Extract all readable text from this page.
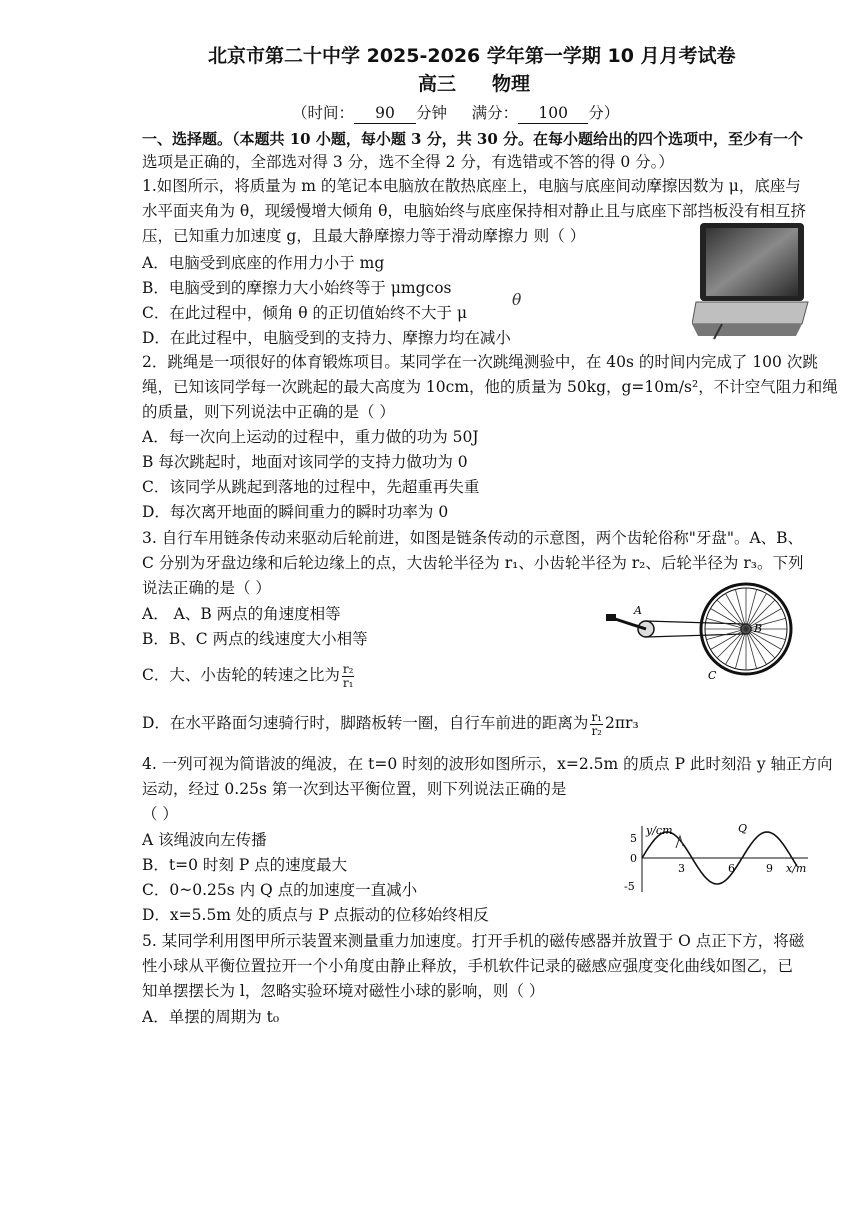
北京市第二十中学 2025-2026 学年第一学期 10 月月考试卷
高三 物理
（时间： 90 分钟 满分： 100 分）
一、选择题。（本题共 10 小题，每小题 3 分，共 30 分。在每小题给出的四个选项中，至少有一个
选项是正确的，全部选对得 3 分，选不全得 2 分，有选错或不答的得 0 分。）
1.如图所示，将质量为 m 的笔记本电脑放在散热底座上，电脑与底座间动摩擦因数为 μ，底座与
水平面夹角为 θ，现缓慢增大倾角 θ，电脑始终与底座保持相对静止且与底座下部挡板没有相互挤
压，已知重力加速度 g，且最大静摩擦力等于滑动摩擦力 则（ ）
A．电脑受到底座的作用力小于 mg
B．电脑受到的摩擦力大小始终等于 μmgcos
C．在此过程中，倾角 θ 的正切值始终不大于 μ
θ
D．在此过程中，电脑受到的支持力、摩擦力均在减小
2．跳绳是一项很好的体育锻炼项目。某同学在一次跳绳测验中，在 40s 的时间内完成了 100 次跳
绳，已知该同学每一次跳起的最大高度为 10cm，他的质量为 50kg，g=10m/s²，不计空气阻力和绳
的质量，则下列说法中正确的是（ ）
A．每一次向上运动的过程中，重力做的功为 50J
B 每次跳起时，地面对该同学的支持力做功为 0
C．该同学从跳起到落地的过程中，先超重再失重
D．每次离开地面的瞬间重力的瞬时功率为 0
3. 自行车用链条传动来驱动后轮前进，如图是链条传动的示意图，两个齿轮俗称"牙盘"。A、B、
C 分别为牙盘边缘和后轮边缘上的点，大齿轮半径为 r₁、小齿轮半径为 r₂、后轮半径为 r₃。下列
说法正确的是（ ）
A． A、B 两点的角速度相等
B．B、C 两点的线速度大小相等
C．大、小齿轮的转速之比为 $\frac{\text{r₂}}{\text{r₁}}$
D．在水平路面匀速骑行时，脚踏板转一圈，自行车前进的距离为 $\frac{\text{r₁}}{\text{r₂}} 2\pi r_3$
A
B
C
4. 一列可视为简谐波的绳波，在 t=0 时刻的波形如图所示，x=2.5m 的质点 P 此时刻沿 y 轴正方向
运动，经过 0.25s 第一次到达平衡位置，则下列说法正确的是
（ ）
A 该绳波向左传播
B．t=0 时刻 P 点的速度最大
C．0~0.25s 内 Q 点的加速度一直减小
D．x=5.5m 处的质点与 P 点振动的位移始终相反
y/cm
x/m
Q
5
0
-5
3	6	9
5. 某同学利用图甲所示装置来测量重力加速度。打开手机的磁传感器并放置于 O 点正下方，将磁
性小球从平衡位置拉开一个小角度由静止释放，手机软件记录的磁感应强度变化曲线如图乙，已
知单摆摆长为 l，忽略实验环境对磁性小球的影响，则（ ）
A．单摆的周期为 t₀
